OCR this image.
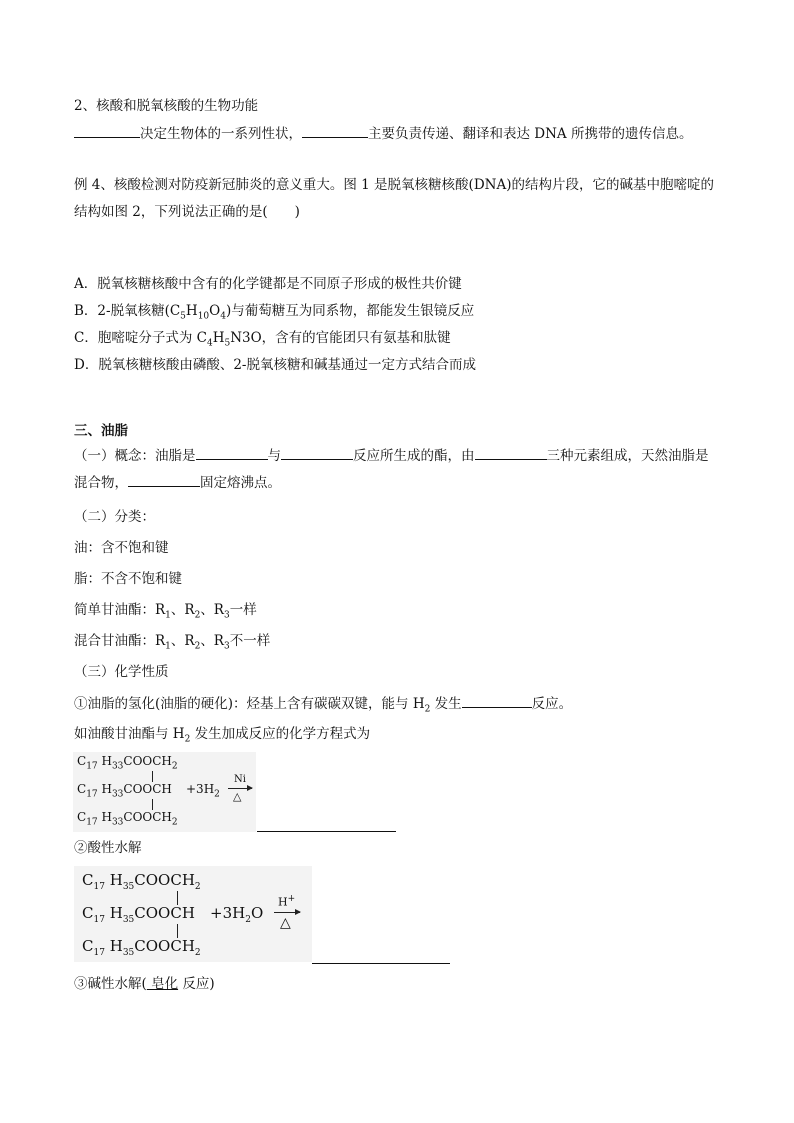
2、核酸和脱氧核酸的生物功能
决定生物体的一系列性状，	主要负责传递、翻译和表达 DNA 所携带的遗传信息。
例 4、核酸检测对防疫新冠肺炎的意义重大。图 1 是脱氧核糖核酸(DNA)的结构片段，它的碱基中胞嘧啶的
结构如图 2，下列说法正确的是(　　)
A．脱氧核糖核酸中含有的化学键都是不同原子形成的极性共价键
B．2-脱氧核糖$(C_5H_{10}O_4)$与葡萄糖互为同系物，都能发生银镜反应
C．胞嘧啶分子式为 $C_4H_5N3O$，含有的官能团只有氨基和肽键
D．脱氧核糖核酸由磷酸、2-脱氧核糖和碱基通过一定方式结合而成
三、油脂
（一）概念：油脂是	与	反应所生成的酯，由	三种元素组成，天然油脂是
混合物，	固定熔沸点。
（二）分类：
油：含不饱和键
脂：不含不饱和键
简单甘油酯：$R_1$、$R_2$、$R_3$一样
混合甘油酯：$R_1$、$R_2$、$R_3$不一样
（三）化学性质
①油脂的氢化(油脂的硬化)：烃基上含有碳碳双键，能与 $H_2$ 发生	反应。
如油酸甘油酯与 $H_2$ 发生加成反应的化学方程式为
$C_{17}$ $H_{33}COOCH_2$
$C_{17}$ $H_{33}COOCH$
$C_{17}$ $H_{33}COOCH_2$
$+3H_2$
Ni
△
②酸性水解
$C_{17}$ $H_{35}COOCH_2$
$C_{17}$ $H_{35}COOCH$
$C_{17}$ $H_{35}COOCH_2$
$+3H_2O$
H+
△
③碱性水解( 皂化 反应)
